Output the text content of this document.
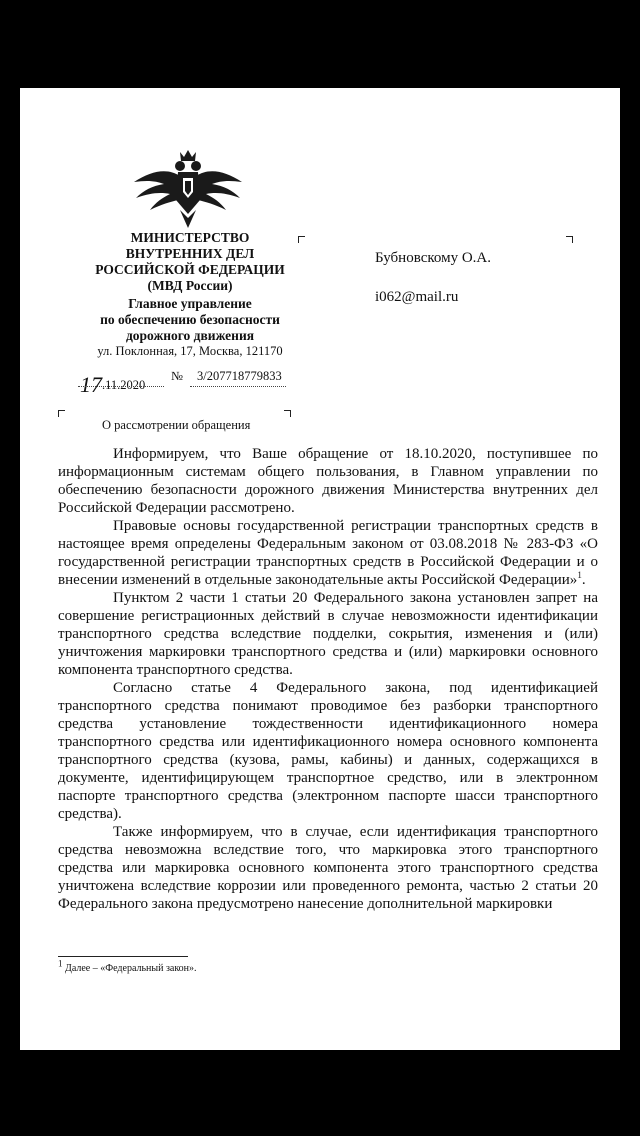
МИНИСТЕРСТВО

ВНУТРЕННИХ ДЕЛ

РОССИЙСКОЙ ФЕДЕРАЦИИ

(МВД России)

Главное управление

по обеспечению безопасности

дорожного движения

ул. Поклонная, 17, Москва, 121170

17.11.2020
№ 3/207718779833

Бубновскому О.А.

i062@mail.ru

О рассмотрении обращения

Информируем, что Ваше обращение от 18.10.2020, поступившее по информационным системам общего пользования, в Главном управлении по обеспечению безопасности дорожного движения Министерства внутренних дел Российской Федерации рассмотрено.

Правовые основы государственной регистрации транспортных средств в настоящее время определены Федеральным законом от 03.08.2018 № 283-ФЗ «О государственной регистрации транспортных средств в Российской Федерации и о внесении изменений в отдельные законодательные акты Российской Федерации»$^1$.

Пунктом 2 части 1 статьи 20 Федерального закона установлен запрет на совершение регистрационных действий в случае невозможности идентификации транспортного средства вследствие подделки, сокрытия, изменения и (или) уничтожения маркировки транспортного средства и (или) маркировки основного компонента транспортного средства.

Согласно статье 4 Федерального закона, под идентификацией транспортного средства понимают проводимое без разборки транспортного средства установление тождественности идентификационного номера транспортного средства или идентификационного номера основного компонента транспортного средства (кузова, рамы, кабины) и данных, содержащихся в документе, идентифицирующем транспортное средство, или в электронном паспорте транспортного средства (электронном паспорте шасси транспортного средства).

Также информируем, что в случае, если идентификация транспортного средства невозможна вследствие того, что маркировка этого транспортного средства или маркировка основного компонента этого транспортного средства уничтожена вследствие коррозии или проведенного ремонта, частью 2 статьи 20 Федерального закона предусмотрено нанесение дополнительной маркировки

$^1$ Далее – «Федеральный закон».
